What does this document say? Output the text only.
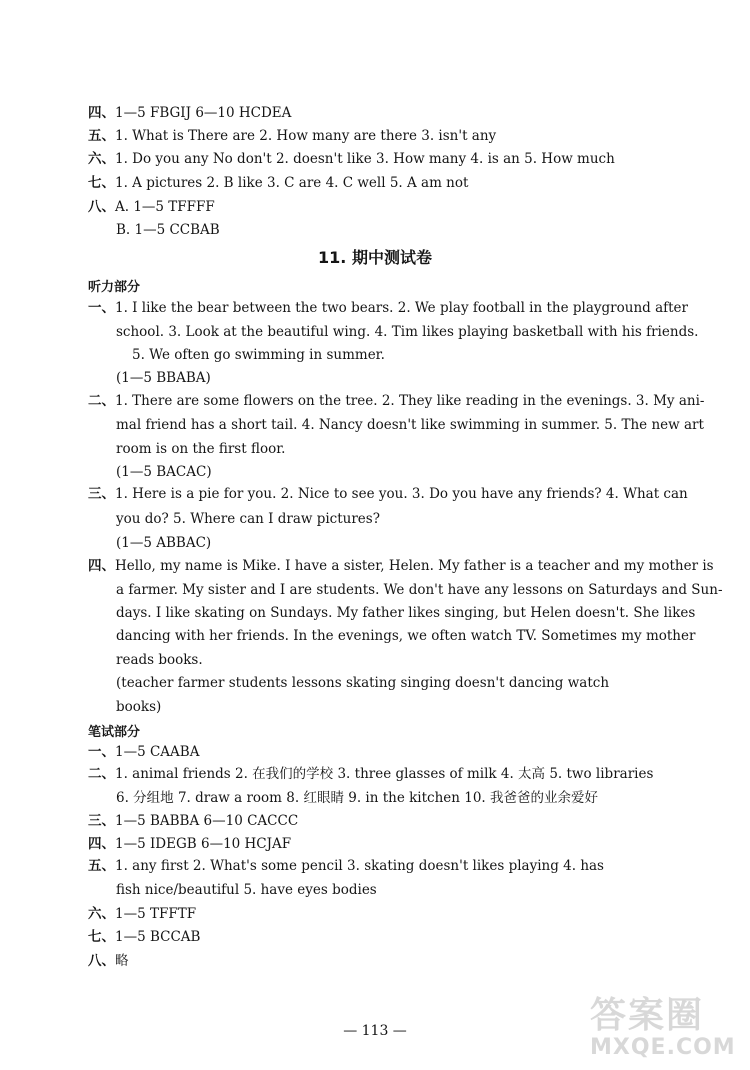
四、1—5 FBGIJ 6—10 HCDEA
五、1. What is There are 2. How many are there 3. isn't any
六、1. Do you any No don't 2. doesn't like 3. How many 4. is an 5. How much
七、1. A pictures 2. B like 3. C are 4. C well 5. A am not
八、A. 1—5 TFFFF
B. 1—5 CCBAB
11. 期中测试卷
听力部分
一、1. I like the bear between the two bears. 2. We play football in the playground after
school. 3. Look at the beautiful wing. 4. Tim likes playing basketball with his friends.
5. We often go swimming in summer.
(1—5 BBABA)
二、1. There are some flowers on the tree. 2. They like reading in the evenings. 3. My ani-
mal friend has a short tail. 4. Nancy doesn't like swimming in summer. 5. The new art
room is on the first floor.
(1—5 BACAC)
三、1. Here is a pie for you. 2. Nice to see you. 3. Do you have any friends? 4. What can
you do? 5. Where can I draw pictures?
(1—5 ABBAC)
四、Hello, my name is Mike. I have a sister, Helen. My father is a teacher and my mother is
a farmer. My sister and I are students. We don't have any lessons on Saturdays and Sun-
days. I like skating on Sundays. My father likes singing, but Helen doesn't. She likes
dancing with her friends. In the evenings, we often watch TV. Sometimes my mother
reads books.
(teacher farmer students lessons skating singing doesn't dancing watch
books)
笔试部分
一、1—5 CAABA
二、1. animal friends 2. 在我们的学校 3. three glasses of milk 4. 太高 5. two libraries
6. 分组地 7. draw a room 8. 红眼睛 9. in the kitchen 10. 我爸爸的业余爱好
三、1—5 BABBA 6—10 CACCC
四、1—5 IDEGB 6—10 HCJAF
五、1. any first 2. What's some pencil 3. skating doesn't likes playing 4. has
fish nice/beautiful 5. have eyes bodies
六、1—5 TFFTF
七、1—5 BCCAB
八、略
— 113 —	答案圈
MXQE.COM
